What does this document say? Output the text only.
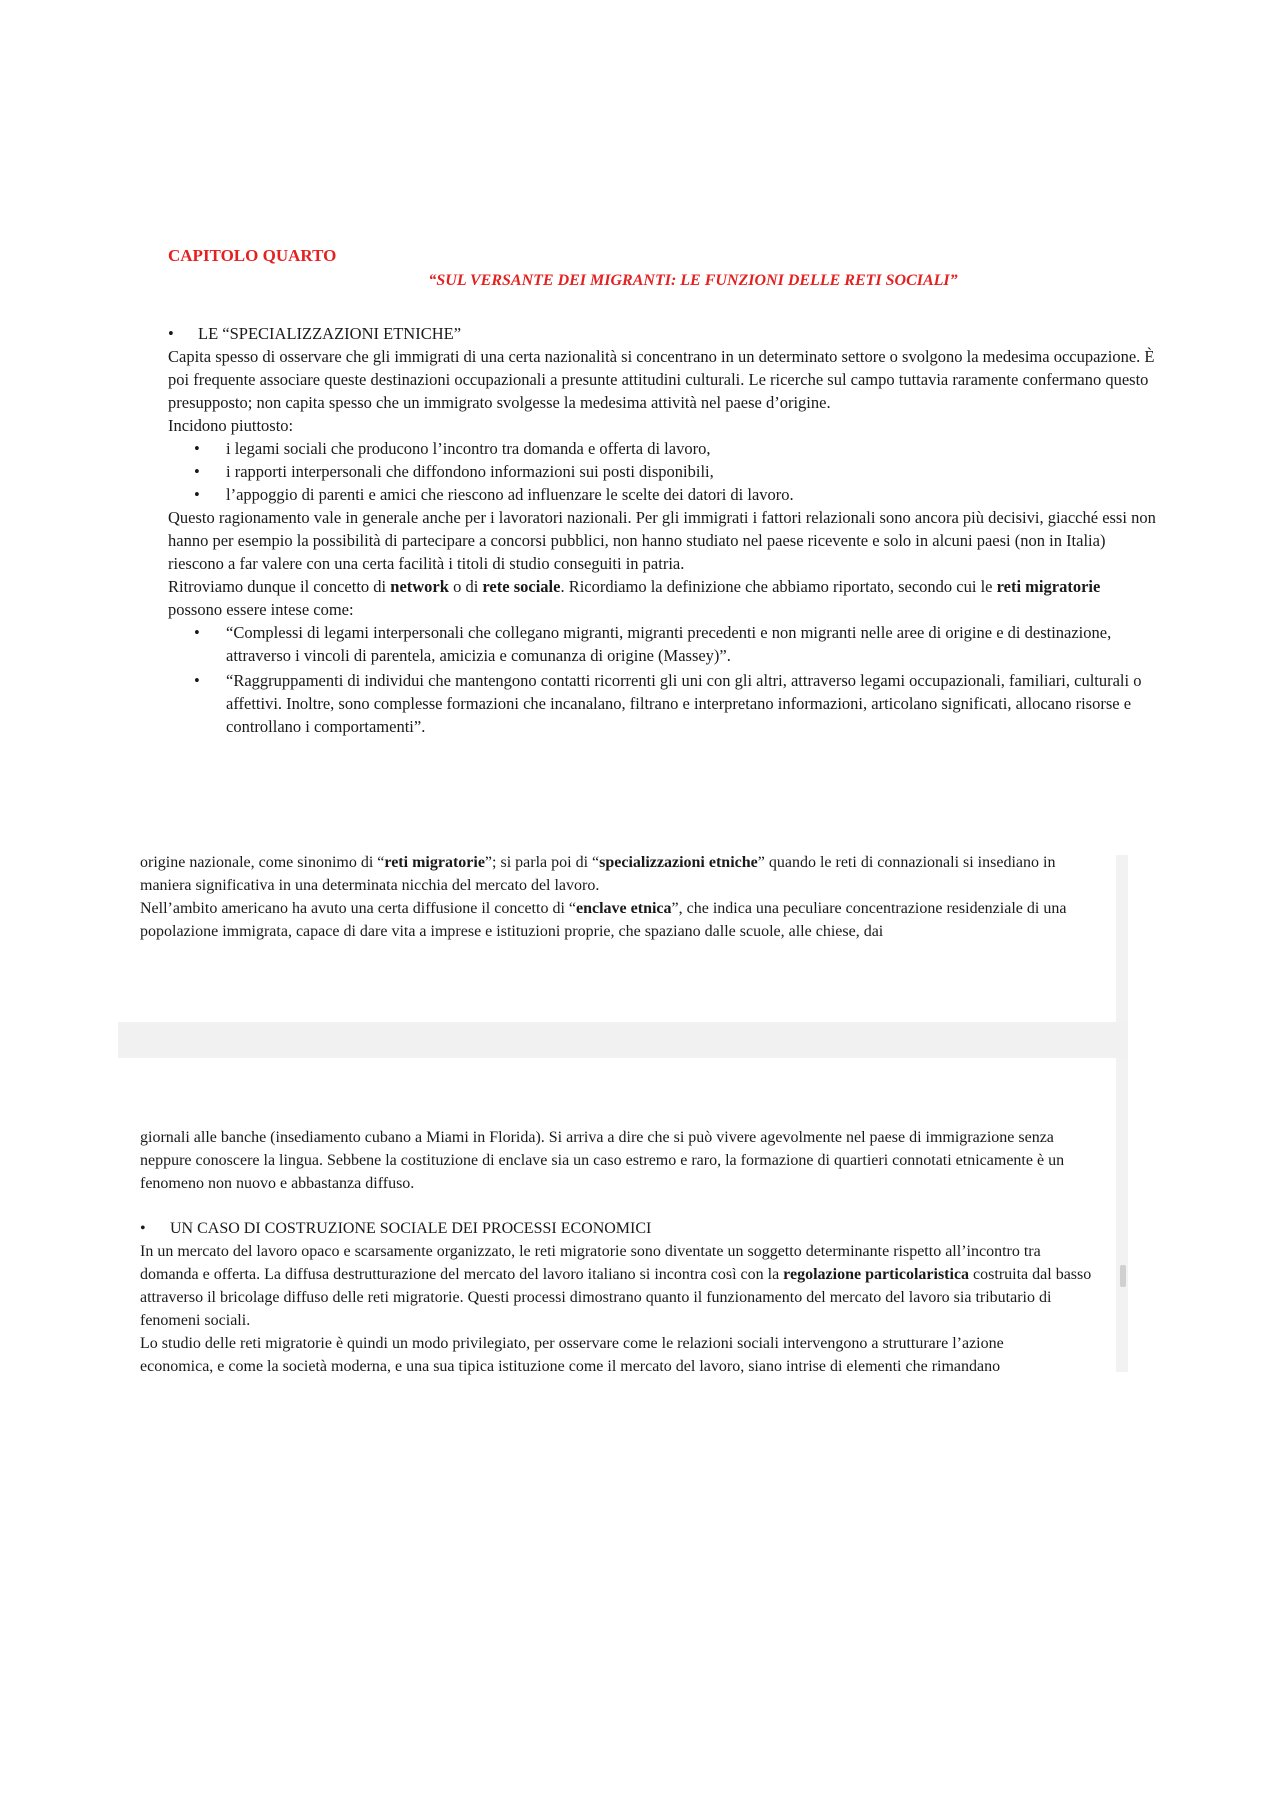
CAPITOLO QUARTO

“SUL VERSANTE DEI MIGRANTI: LE FUNZIONI DELLE RETI SOCIALI”

•	LE “SPECIALIZZAZIONI ETNICHE”

Capita spesso di osservare che gli immigrati di una certa nazionalità si concentrano in un determinato settore o svolgono la medesima occupazione. È poi frequente associare queste destinazioni occupazionali a presunte attitudini culturali. Le ricerche sul campo tuttavia raramente confermano questo presupposto; non capita spesso che un immigrato svolgesse la medesima attività nel paese d’origine.

Incidono piuttosto:

• i legami sociali che producono l’incontro tra domanda e offerta di lavoro,
• i rapporti interpersonali che diffondono informazioni sui posti disponibili,
• l’appoggio di parenti e amici che riescono ad influenzare le scelte dei datori di lavoro.

Questo ragionamento vale in generale anche per i lavoratori nazionali. Per gli immigrati i fattori relazionali sono ancora più decisivi, giacché essi non hanno per esempio la possibilità di partecipare a concorsi pubblici, non hanno studiato nel paese ricevente e solo in alcuni paesi (non in Italia) riescono a far valere con una certa facilità i titoli di studio conseguiti in patria.

Ritroviamo dunque il concetto di network o di rete sociale. Ricordiamo la definizione che abbiamo riportato, secondo cui le reti migratorie possono essere intese come:

• “Complessi di legami interpersonali che collegano migranti, migranti precedenti e non migranti nelle aree di origine e di destinazione, attraverso i vincoli di parentela, amicizia e comunanza di origine (Massey)”.
• “Raggruppamenti di individui che mantengono contatti ricorrenti gli uni con gli altri, attraverso legami occupazionali, familiari, culturali o affettivi. Inoltre, sono complesse formazioni che incanalano, filtrano e interpretano informazioni, articolano significati, allocano risorse e controllano i comportamenti”.

origine nazionale, come sinonimo di “reti migratorie”; si parla poi di “specializzazioni etniche” quando le reti di connazionali si insediano in maniera significativa in una determinata nicchia del mercato del lavoro.

Nell’ambito americano ha avuto una certa diffusione il concetto di “enclave etnica”, che indica una peculiare concentrazione residenziale di una popolazione immigrata, capace di dare vita a imprese e istituzioni proprie, che spaziano dalle scuole, alle chiese, dai

giornali alle banche (insediamento cubano a Miami in Florida). Si arriva a dire che si può vivere agevolmente nel paese di immigrazione senza neppure conoscere la lingua. Sebbene la costituzione di enclave sia un caso estremo e raro, la formazione di quartieri connotati etnicamente è un fenomeno non nuovo e abbastanza diffuso.

•	UN CASO DI COSTRUZIONE SOCIALE DEI PROCESSI ECONOMICI

In un mercato del lavoro opaco e scarsamente organizzato, le reti migratorie sono diventate un soggetto determinante rispetto all’incontro tra domanda e offerta. La diffusa destrutturazione del mercato del lavoro italiano si incontra così con la regolazione particolaristica costruita dal basso attraverso il bricolage diffuso delle reti migratorie. Questi processi dimostrano quanto il funzionamento del mercato del lavoro sia tributario di fenomeni sociali.

Lo studio delle reti migratorie è quindi un modo privilegiato, per osservare come le relazioni sociali intervengono a strutturare l’azione

economica, e come la società moderna, e una sua tipica istituzione come il mercato del lavoro, siano intrise di elementi che rimandano
